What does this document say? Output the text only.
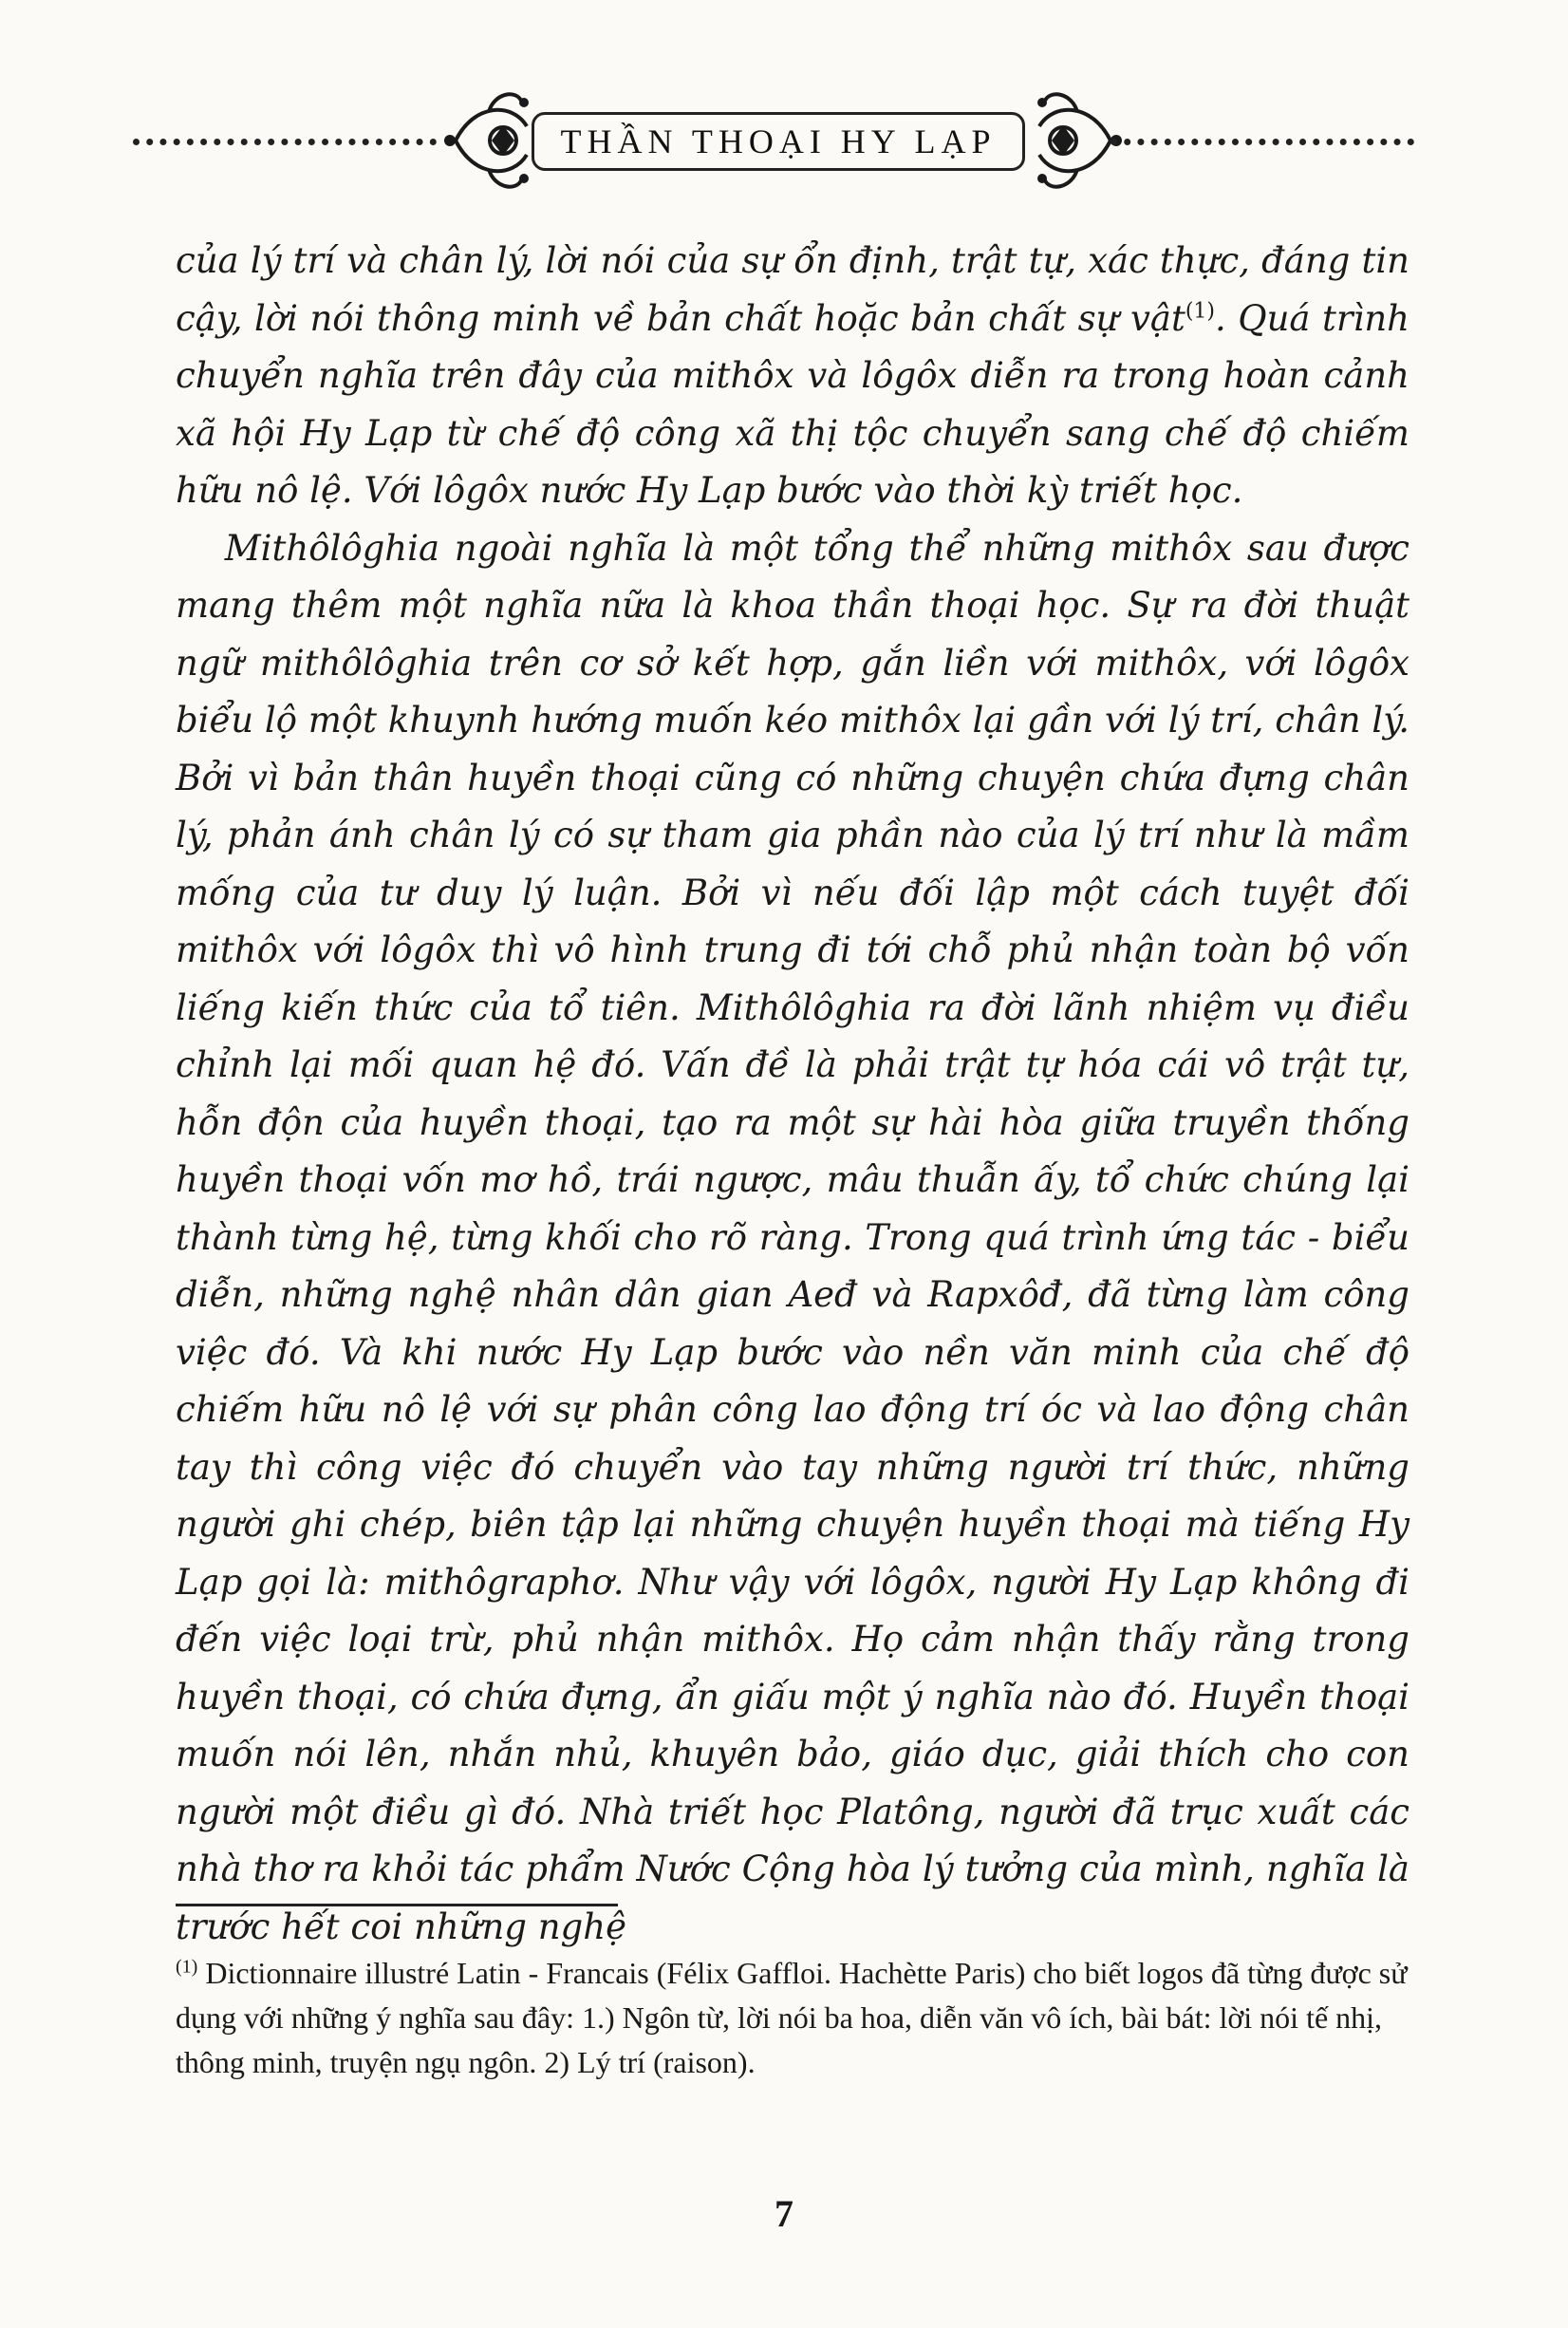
THẦN THOẠI HY LẠP

của lý trí và chân lý, lời nói của sự ổn định, trật tự, xác thực, đáng tin cậy, lời nói thông minh về bản chất hoặc bản chất sự vật$^{(1)}$. Quá trình chuyển nghĩa trên đây của mithôx và lôgôx diễn ra trong hoàn cảnh xã hội Hy Lạp từ chế độ công xã thị tộc chuyển sang chế độ chiếm hữu nô lệ. Với lôgôx nước Hy Lạp bước vào thời kỳ triết học.

Mithôlôghia ngoài nghĩa là một tổng thể những mithôx sau được mang thêm một nghĩa nữa là khoa thần thoại học. Sự ra đời thuật ngữ mithôlôghia trên cơ sở kết hợp, gắn liền với mithôx, với lôgôx biểu lộ một khuynh hướng muốn kéo mithôx lại gần với lý trí, chân lý. Bởi vì bản thân huyền thoại cũng có những chuyện chứa đựng chân lý, phản ánh chân lý có sự tham gia phần nào của lý trí như là mầm mống của tư duy lý luận. Bởi vì nếu đối lập một cách tuyệt đối mithôx với lôgôx thì vô hình trung đi tới chỗ phủ nhận toàn bộ vốn liếng kiến thức của tổ tiên. Mithôlôghia ra đời lãnh nhiệm vụ điều chỉnh lại mối quan hệ đó. Vấn đề là phải trật tự hóa cái vô trật tự, hỗn độn của huyền thoại, tạo ra một sự hài hòa giữa truyền thống huyền thoại vốn mơ hồ, trái ngược, mâu thuẫn ấy, tổ chức chúng lại thành từng hệ, từng khối cho rõ ràng. Trong quá trình ứng tác - biểu diễn, những nghệ nhân dân gian Aeđ và Rapxôđ, đã từng làm công việc đó. Và khi nước Hy Lạp bước vào nền văn minh của chế độ chiếm hữu nô lệ với sự phân công lao động trí óc và lao động chân tay thì công việc đó chuyển vào tay những người trí thức, những người ghi chép, biên tập lại những chuyện huyền thoại mà tiếng Hy Lạp gọi là: mithôgraphơ. Như vậy với lôgôx, người Hy Lạp không đi đến việc loại trừ, phủ nhận mithôx. Họ cảm nhận thấy rằng trong huyền thoại, có chứa đựng, ẩn giấu một ý nghĩa nào đó. Huyền thoại muốn nói lên, nhắn nhủ, khuyên bảo, giáo dục, giải thích cho con người một điều gì đó. Nhà triết học Platông, người đã trục xuất các nhà thơ ra khỏi tác phẩm Nước Cộng hòa lý tưởng của mình, nghĩa là trước hết coi những nghệ

$^{(1)}$ Dictionnaire illustré Latin - Francais (Félix Gaffloi. Hachètte Paris) cho biết logos đã từng được sử dụng với những ý nghĩa sau đây: 1.) Ngôn từ, lời nói ba hoa, diễn văn vô ích, bài bát: lời nói tế nhị, thông minh, truyện ngụ ngôn. 2) Lý trí (raison).

7
